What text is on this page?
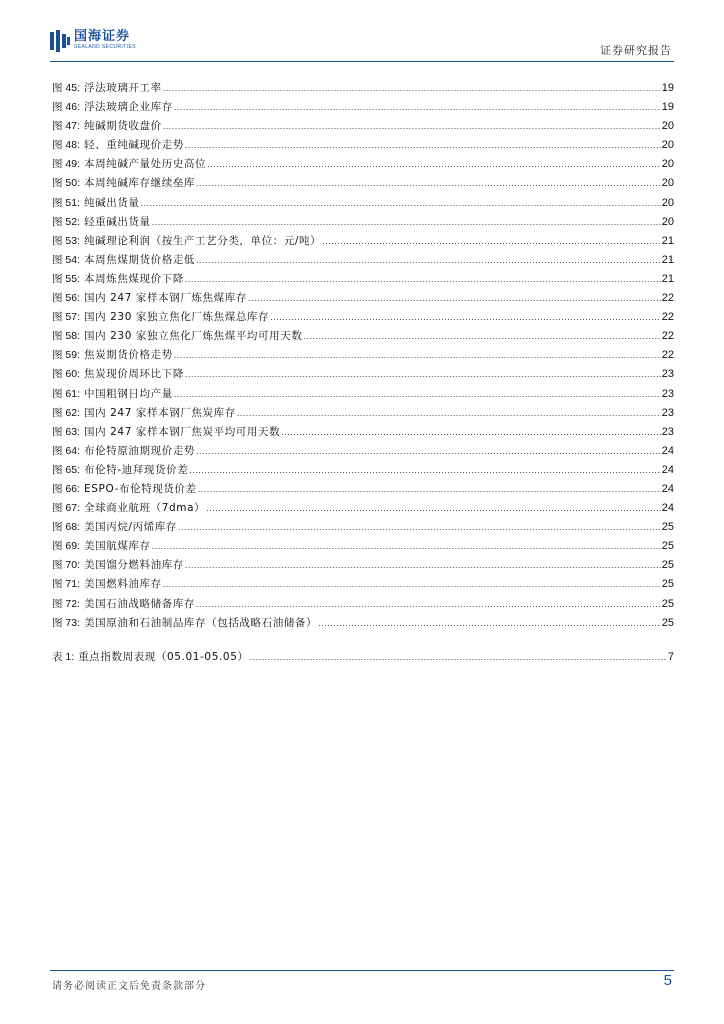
国海证券
SEALAND SECURITIES	证券研究报告
图 45: 浮法玻璃开工率 .....	19
图 46: 浮法玻璃企业库存 .....	19
图 47: 纯碱期货收盘价 .....	20
图 48: 轻、重纯碱现价走势 .....	20
图 49: 本周纯碱产量处历史高位 .....	20
图 50: 本周纯碱库存继续垒库 .....	20
图 51: 纯碱出货量 .....	20
图 52: 轻重碱出货量 .....	20
图 53: 纯碱理论利润（按生产工艺分类，单位：元/吨） .....	21
图 54: 本周焦煤期货价格走低 .....	21
图 55: 本周炼焦煤现价下降 .....	21
图 56: 国内 247 家样本钢厂炼焦煤库存 .....	22
图 57: 国内 230 家独立焦化厂炼焦煤总库存 .....	22
图 58: 国内 230 家独立焦化厂炼焦煤平均可用天数 .....	22
图 59: 焦炭期货价格走势 .....	22
图 60: 焦炭现价周环比下降 .....	23
图 61: 中国粗钢日均产量 .....	23
图 62: 国内 247 家样本钢厂焦炭库存 .....	23
图 63: 国内 247 家样本钢厂焦炭平均可用天数 .....	23
图 64: 布伦特原油期现价走势 .....	24
图 65: 布伦特-迪拜现货价差 .....	24
图 66: ESPO-布伦特现货价差 .....	24
图 67: 全球商业航班（7dma） .....	24
图 68: 美国丙烷/丙烯库存 .....	25
图 69: 美国航煤库存 .....	25
图 70: 美国馏分燃料油库存 .....	25
图 71: 美国燃料油库存 .....	25
图 72: 美国石油战略储备库存 .....	25
图 73: 美国原油和石油制品库存（包括战略石油储备） .....	25
表 1: 重点指数周表现（05.01-05.05） .....	7
请务必阅读正文后免责条款部分	5
